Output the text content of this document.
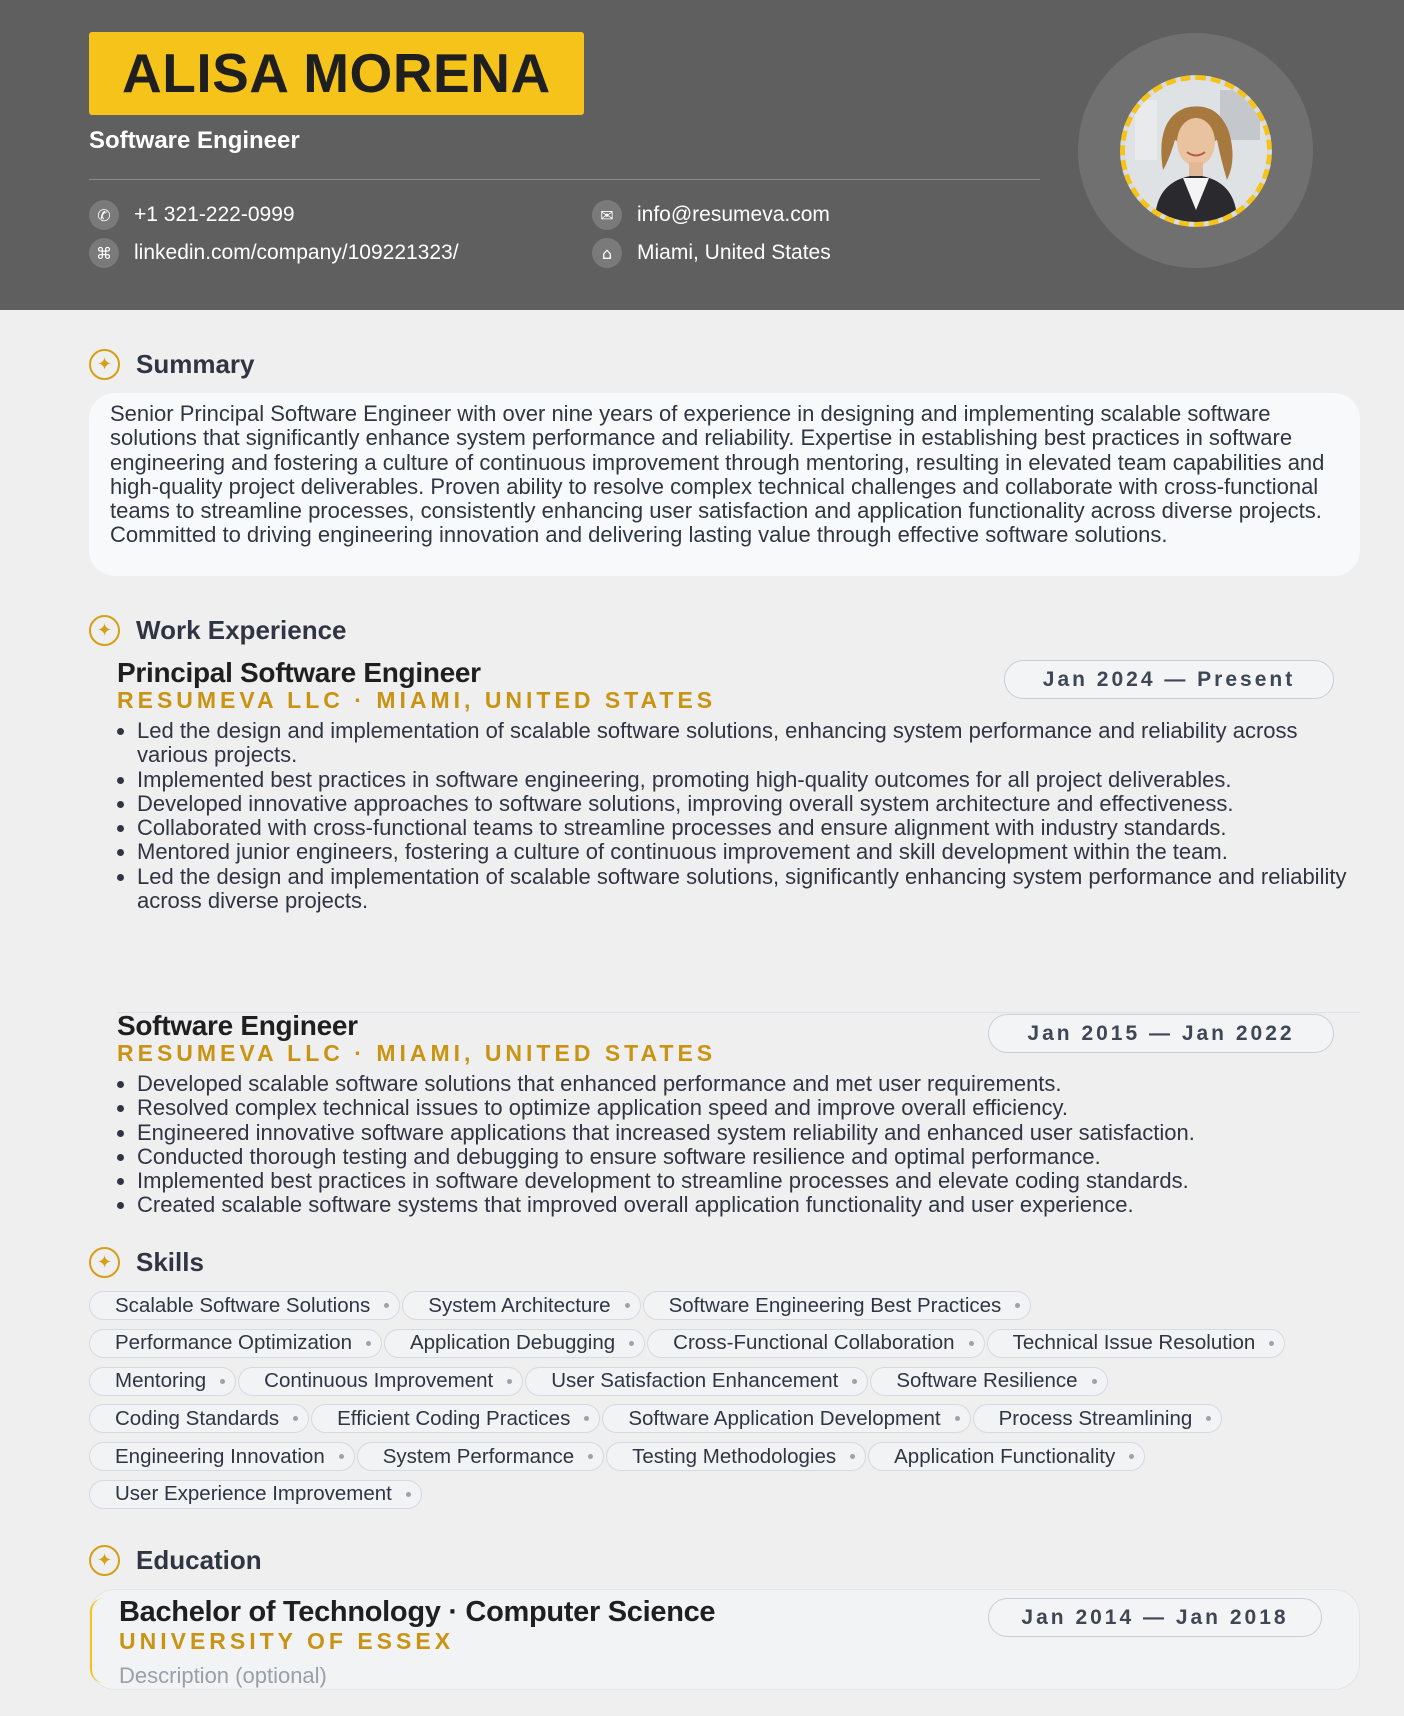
ALISA MORENA
Software Engineer
✆	+1 321-222-0999	✉	info@resumeva.com
⌘	linkedin.com/company/109221323/	⌂	Miami, United States
✦ Summary

Senior Principal Software Engineer with over nine years of experience in designing and implementing scalable software solutions that significantly enhance system performance and reliability. Expertise in establishing best practices in software engineering and fostering a culture of continuous improvement through mentoring, resulting in elevated team capabilities and high-quality project deliverables. Proven ability to resolve complex technical challenges and collaborate with cross-functional teams to streamline processes, consistently enhancing user satisfaction and application functionality across diverse projects. Committed to driving engineering innovation and delivering lasting value through effective software solutions.

✦ Work Experience
Principal Software Engineer
RESUMEVA LLC · MIAMI, UNITED STATES
Jan 2024 — Present
• Led the design and implementation of scalable software solutions, enhancing system performance and reliability across various projects.
• Implemented best practices in software engineering, promoting high-quality outcomes for all project deliverables.
• Developed innovative approaches to software solutions, improving overall system architecture and effectiveness.
• Collaborated with cross-functional teams to streamline processes and ensure alignment with industry standards.
• Mentored junior engineers, fostering a culture of continuous improvement and skill development within the team.
• Led the design and implementation of scalable software solutions, significantly enhancing system performance and reliability across diverse projects.
Software Engineer
RESUMEVA LLC · MIAMI, UNITED STATES
Jan 2015 — Jan 2022
• Developed scalable software solutions that enhanced performance and met user requirements.
• Resolved complex technical issues to optimize application speed and improve overall efficiency.
• Engineered innovative software applications that increased system reliability and enhanced user satisfaction.
• Conducted thorough testing and debugging to ensure software resilience and optimal performance.
• Implemented best practices in software development to streamline processes and elevate coding standards.
• Created scalable software systems that improved overall application functionality and user experience.
✦ Skills
Scalable Software Solutions	System Architecture	Software Engineering Best Practices
Performance Optimization	Application Debugging	Cross-Functional Collaboration	Technical Issue Resolution
Mentoring	Continuous Improvement	User Satisfaction Enhancement	Software Resilience
Coding Standards	Efficient Coding Practices	Software Application Development	Process Streamlining
Engineering Innovation	System Performance	Testing Methodologies	Application Functionality
User Experience Improvement
✦ Education
Bachelor of Technology · Computer Science
UNIVERSITY OF ESSEX
Description (optional)
Jan 2014 — Jan 2018
